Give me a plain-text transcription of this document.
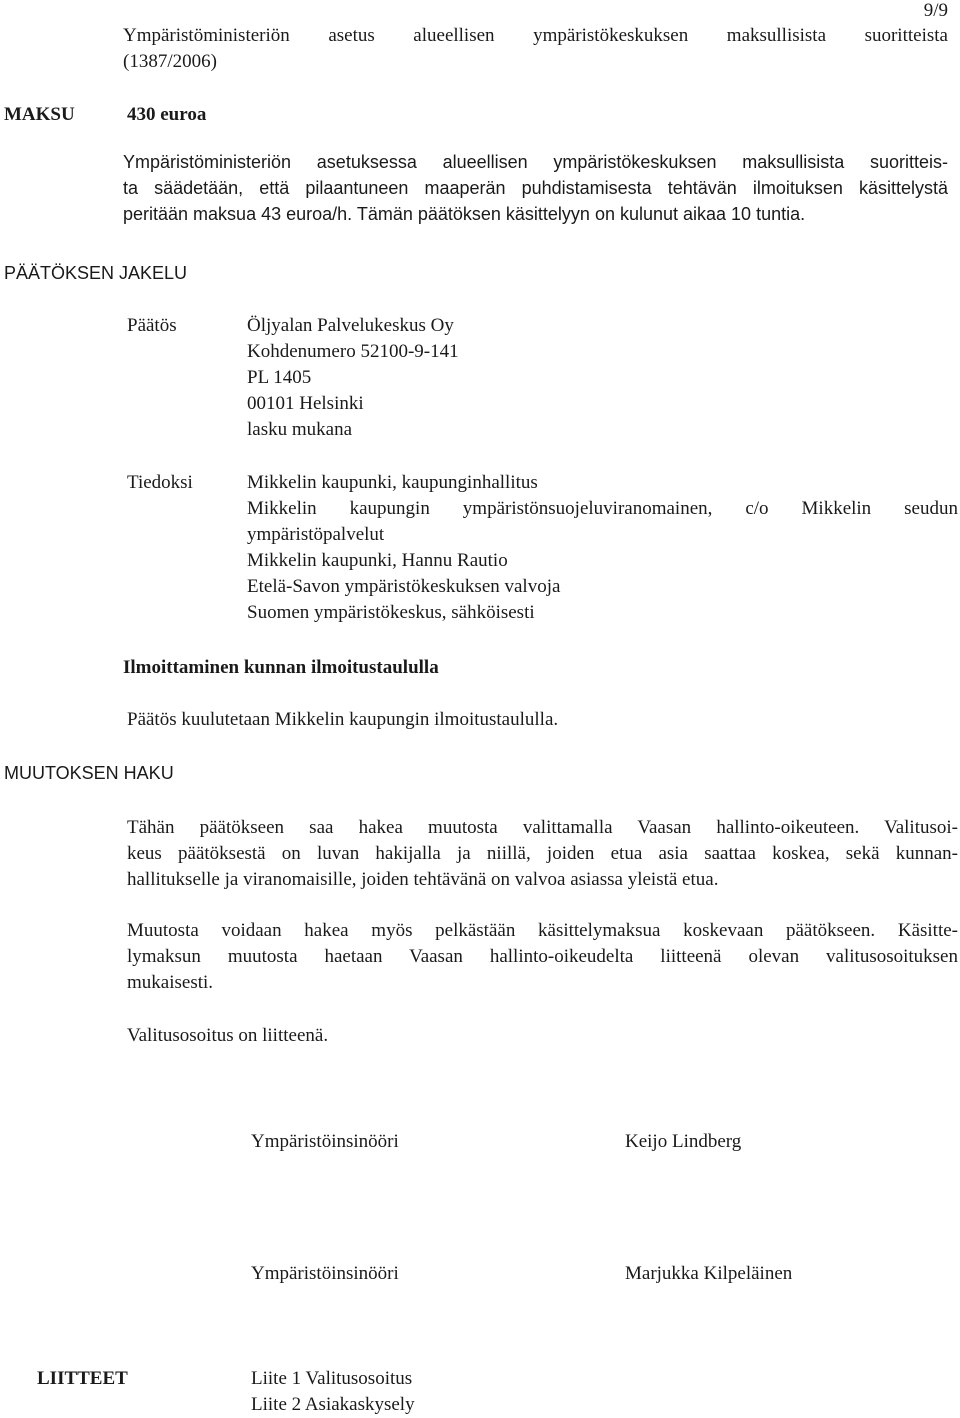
9/9
Ympäristöministeriön asetus alueellisen ympäristökeskuksen maksullisista suoritteista
(1387/2006)
MAKSU	430 euroa
Ympäristöministeriön asetuksessa alueellisen ympäristökeskuksen maksullisista suoritteis-
ta säädetään, että pilaantuneen maaperän puhdistamisesta tehtävän ilmoituksen käsittelystä
peritään maksua 43 euroa/h. Tämän päätöksen käsittelyyn on kulunut aikaa 10 tuntia.
PÄÄTÖKSEN JAKELU
Päätös	Öljyalan Palvelukeskus Oy
Kohdenumero 52100-9-141
PL 1405
00101 Helsinki
lasku mukana
Tiedoksi	Mikkelin kaupunki, kaupunginhallitus
Mikkelin kaupungin ympäristönsuojeluviranomainen, c/o Mikkelin seudun
ympäristöpalvelut
Mikkelin kaupunki, Hannu Rautio
Etelä-Savon ympäristökeskuksen valvoja
Suomen ympäristökeskus, sähköisesti
Ilmoittaminen kunnan ilmoitustaululla
Päätös kuulutetaan Mikkelin kaupungin ilmoitustaululla.
MUUTOKSEN HAKU
Tähän päätökseen saa hakea muutosta valittamalla Vaasan hallinto-oikeuteen. Valitusoi-
keus päätöksestä on luvan hakijalla ja niillä, joiden etua asia saattaa koskea, sekä kunnan-
hallitukselle ja viranomaisille, joiden tehtävänä on valvoa asiassa yleistä etua.
Muutosta voidaan hakea myös pelkästään käsittelymaksua koskevaan päätökseen. Käsitte-
lymaksun muutosta haetaan Vaasan hallinto-oikeudelta liitteenä olevan valitusosoituksen
mukaisesti.
Valitusosoitus on liitteenä.
Ympäristöinsinööri	Keijo Lindberg
Ympäristöinsinööri	Marjukka Kilpeläinen
LIITTEET	Liite 1 Valitusosoitus
Liite 2 Asiakaskysely
